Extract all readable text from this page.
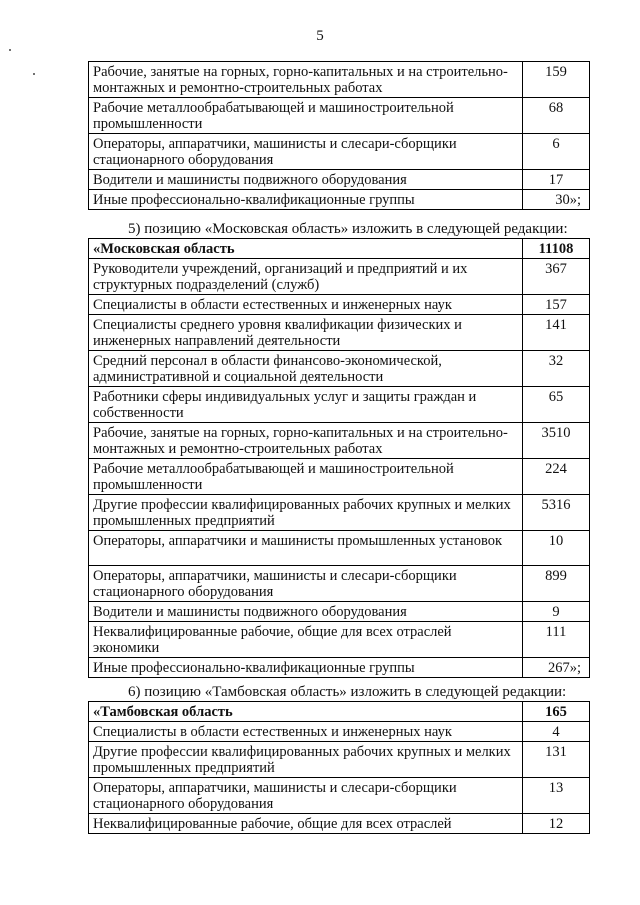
5
Рабочие, занятые на горных, горно-капитальных и на строительно-монтажных и ремонтно-строительных работах	159
Рабочие металлообрабатывающей и машиностроительной промышленности	68
Операторы, аппаратчики, машинисты и слесари-сборщики стационарного оборудования	6
Водители и машинисты подвижного оборудования	17
Иные профессионально-квалификационные группы	30»;
5) позицию «Московская область» изложить в следующей редакции:
«Московская область	11108
Руководители учреждений, организаций и предприятий и их структурных подразделений (служб)	367
Специалисты в области естественных и инженерных наук	157
Специалисты среднего уровня квалификации физических и инженерных направлений деятельности	141
Средний персонал в области финансово-экономической, административной и социальной деятельности	32
Работники сферы индивидуальных услуг и защиты граждан и собственности	65
Рабочие, занятые на горных, горно-капитальных и на строительно-монтажных и ремонтно-строительных работах	3510
Рабочие металлообрабатывающей и машиностроительной промышленности	224
Другие профессии квалифицированных рабочих крупных и мелких промышленных предприятий	5316
Операторы, аппаратчики и машинисты промышленных установок	10
Операторы, аппаратчики, машинисты и слесари-сборщики стационарного оборудования	899
Водители и машинисты подвижного оборудования	9
Неквалифицированные рабочие, общие для всех отраслей экономики	111
Иные профессионально-квалификационные группы	267»;
6) позицию «Тамбовская область» изложить в следующей редакции:
«Тамбовская область	165
Специалисты в области естественных и инженерных наук	4
Другие профессии квалифицированных рабочих крупных и мелких промышленных предприятий	131
Операторы, аппаратчики, машинисты и слесари-сборщики стационарного оборудования	13
Неквалифицированные рабочие, общие для всех отраслей	12
